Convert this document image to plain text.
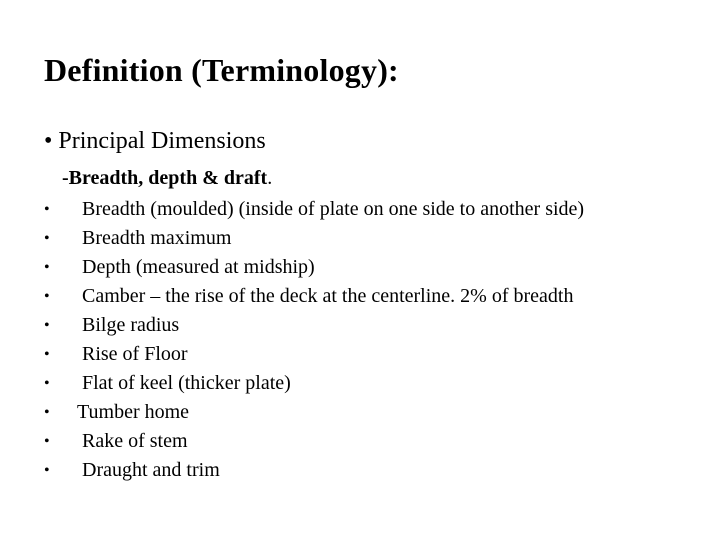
Definition (Terminology):
• Principal Dimensions
-Breadth, depth & draft.
• Breadth (moulded) (inside of plate on one side to another side)
• Breadth maximum
• Depth (measured at midship)
• Camber – the rise of the deck at the centerline. 2% of breadth
• Bilge radius
• Rise of Floor
• Flat of keel (thicker plate)
• Tumber home
• Rake of stem
• Draught and trim
